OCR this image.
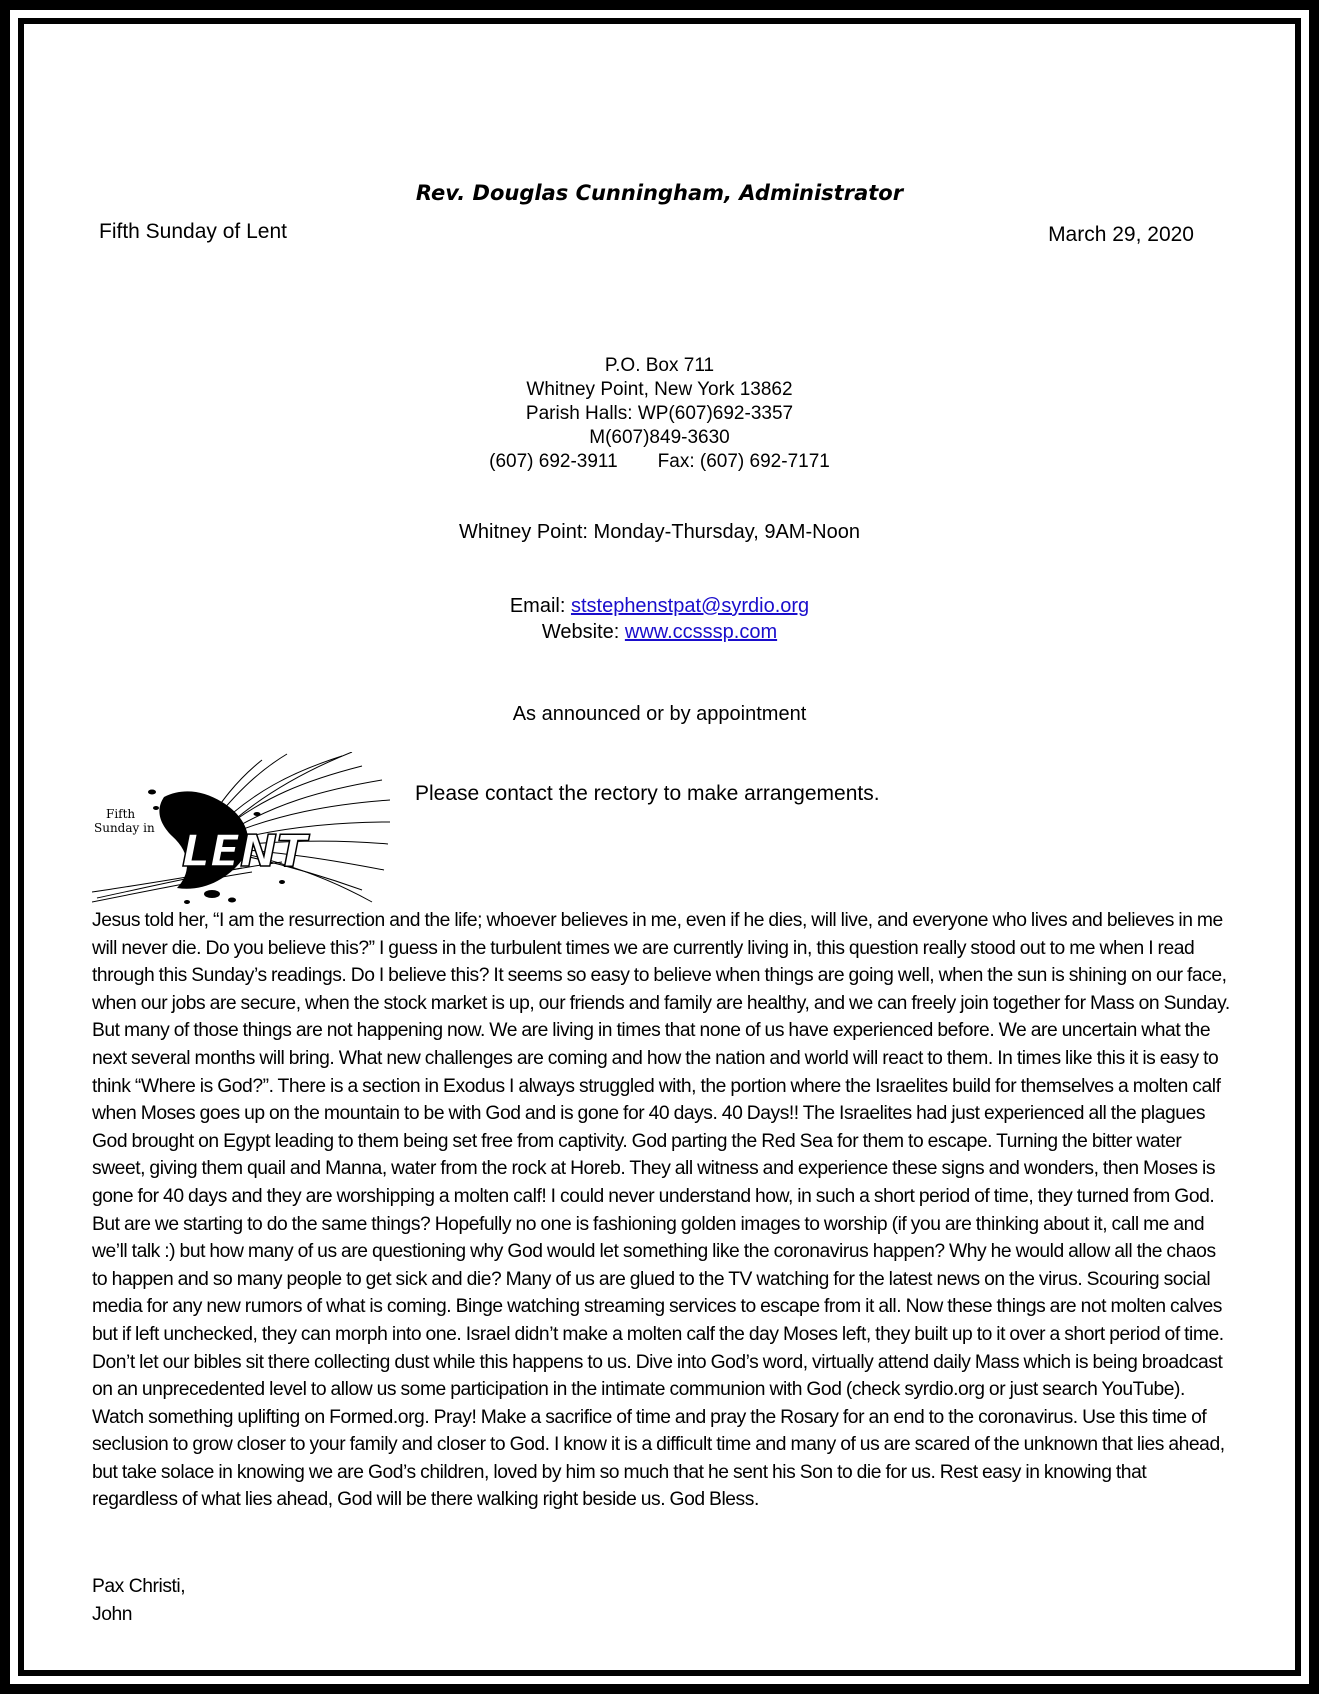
Rev. Douglas Cunningham, Administrator
Fifth Sunday of Lent	March 29, 2020
P.O. Box 711
Whitney Point, New York 13862
Parish Halls: WP(607)692-3357
M(607)849-3630
(607) 692-3911 Fax: (607) 692-7171
Whitney Point: Monday-Thursday, 9AM-Noon
Email: ststephenstpat@syrdio.org
Website: www.ccsssp.com
As announced or by appointment
Please contact the rectory to make arrangements.
Fifth
Sunday in LENT
Jesus told her, “I am the resurrection and the life; whoever believes in me, even if he dies, will live, and everyone who lives and believes in me will never die. Do you believe this?” I guess in the turbulent times we are currently living in, this question really stood out to me when I read through this Sunday’s readings. Do I believe this? It seems so easy to believe when things are going well, when the sun is shining on our face, when our jobs are secure, when the stock market is up, our friends and family are healthy, and we can freely join together for Mass on Sunday. But many of those things are not happening now. We are living in times that none of us have experienced before. We are uncertain what the next several months will bring. What new challenges are coming and how the nation and world will react to them. In times like this it is easy to think “Where is God?”. There is a section in Exodus I always struggled with, the portion where the Israelites build for themselves a molten calf when Moses goes up on the mountain to be with God and is gone for 40 days. 40 Days!! The Israelites had just experienced all the plagues God brought on Egypt leading to them being set free from captivity. God parting the Red Sea for them to escape. Turning the bitter water sweet, giving them quail and Manna, water from the rock at Horeb. They all witness and experience these signs and wonders, then Moses is gone for 40 days and they are worshipping a molten calf! I could never understand how, in such a short period of time, they turned from God. But are we starting to do the same things? Hopefully no one is fashioning golden images to worship (if you are thinking about it, call me and we’ll talk :) but how many of us are questioning why God would let something like the coronavirus happen? Why he would allow all the chaos to happen and so many people to get sick and die? Many of us are glued to the TV watching for the latest news on the virus. Scouring social media for any new rumors of what is coming. Binge watching streaming services to escape from it all. Now these things are not molten calves but if left unchecked, they can morph into one. Israel didn’t make a molten calf the day Moses left, they built up to it over a short period of time. Don’t let our bibles sit there collecting dust while this happens to us. Dive into God’s word, virtually attend daily Mass which is being broadcast on an unprecedented level to allow us some participation in the intimate communion with God (check syrdio.org or just search YouTube). Watch something uplifting on Formed.org. Pray! Make a sacrifice of time and pray the Rosary for an end to the coronavirus. Use this time of seclusion to grow closer to your family and closer to God. I know it is a difficult time and many of us are scared of the unknown that lies ahead, but take solace in knowing we are God’s children, loved by him so much that he sent his Son to die for us. Rest easy in knowing that regardless of what lies ahead, God will be there walking right beside us. God Bless.
Pax Christi,
John
